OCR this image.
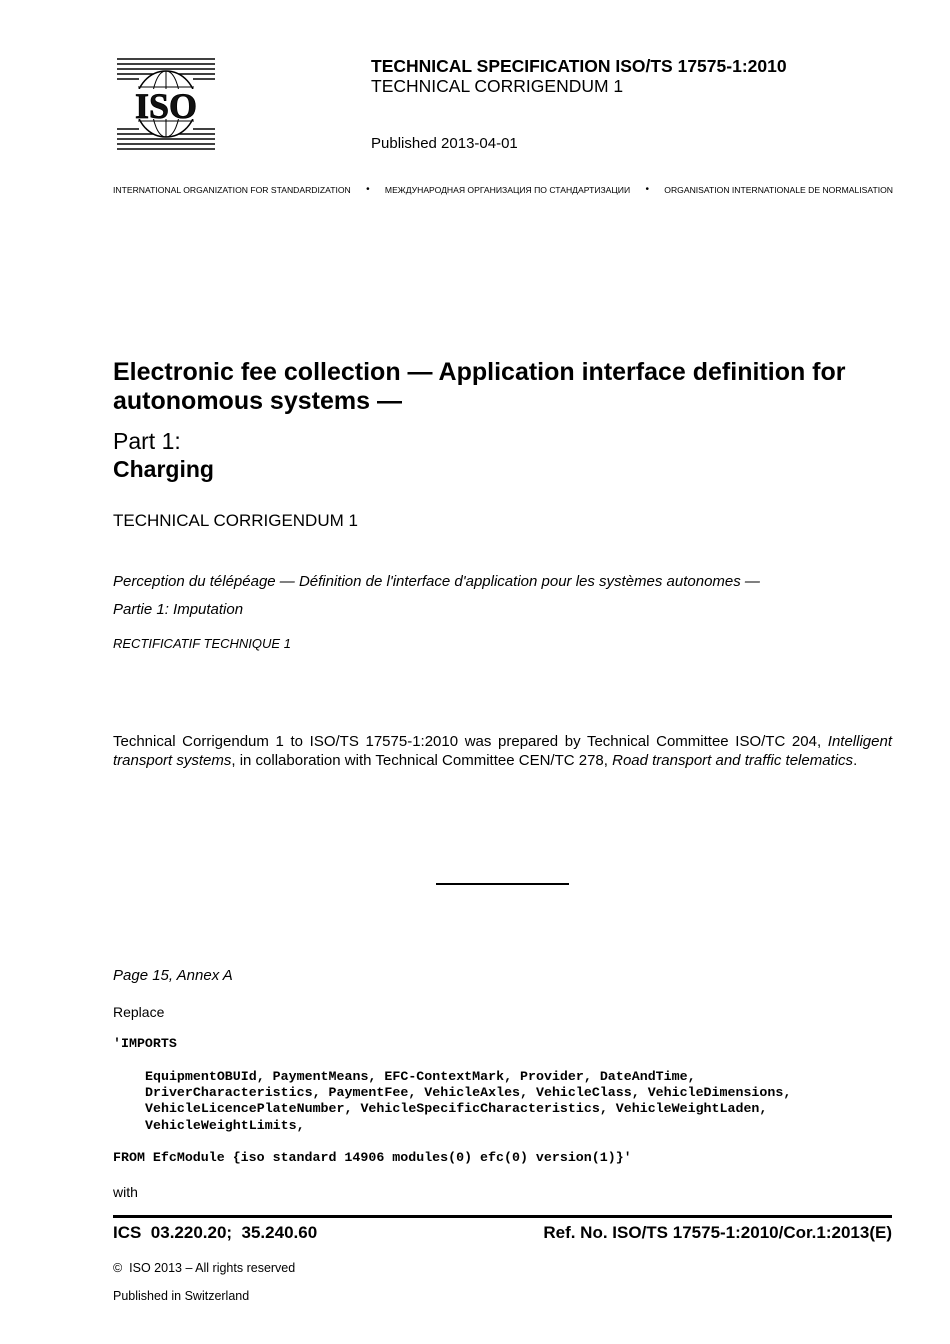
ISO
TECHNICAL SPECIFICATION ISO/TS 17575-1:2010
TECHNICAL CORRIGENDUM 1
Published 2013-04-01
INTERNATIONAL ORGANIZATION FOR STANDARDIZATION • МЕЖДУНАРОДНАЯ ОРГАНИЗАЦИЯ ПО СТАНДАРТИЗАЦИИ • ORGANISATION INTERNATIONALE DE NORMALISATION
Electronic fee collection — Application interface definition for autonomous systems —
Part 1:
Charging
TECHNICAL CORRIGENDUM 1
Perception du télépéage — Définition de l'interface d'application pour les systèmes autonomes —
Partie 1: Imputation
RECTIFICATIF TECHNIQUE 1
Technical Corrigendum 1 to ISO/TS 17575-1:2010 was prepared by Technical Committee ISO/TC 204, Intelligent transport systems, in collaboration with Technical Committee CEN/TC 278, Road transport and traffic telematics.
Page 15, Annex A
Replace
'IMPORTS
EquipmentOBUId, PaymentMeans, EFC-ContextMark, Provider, DateAndTime,
DriverCharacteristics, PaymentFee, VehicleAxles, VehicleClass, VehicleDimensions,
VehicleLicencePlateNumber, VehicleSpecificCharacteristics, VehicleWeightLaden,
VehicleWeightLimits,
FROM EfcModule {iso standard 14906 modules(0) efc(0) version(1)}'
with
ICS  03.220.20;  35.240.60	Ref. No. ISO/TS 17575-1:2010/Cor.1:2013(E)
©  ISO 2013 – All rights reserved
Published in Switzerland
